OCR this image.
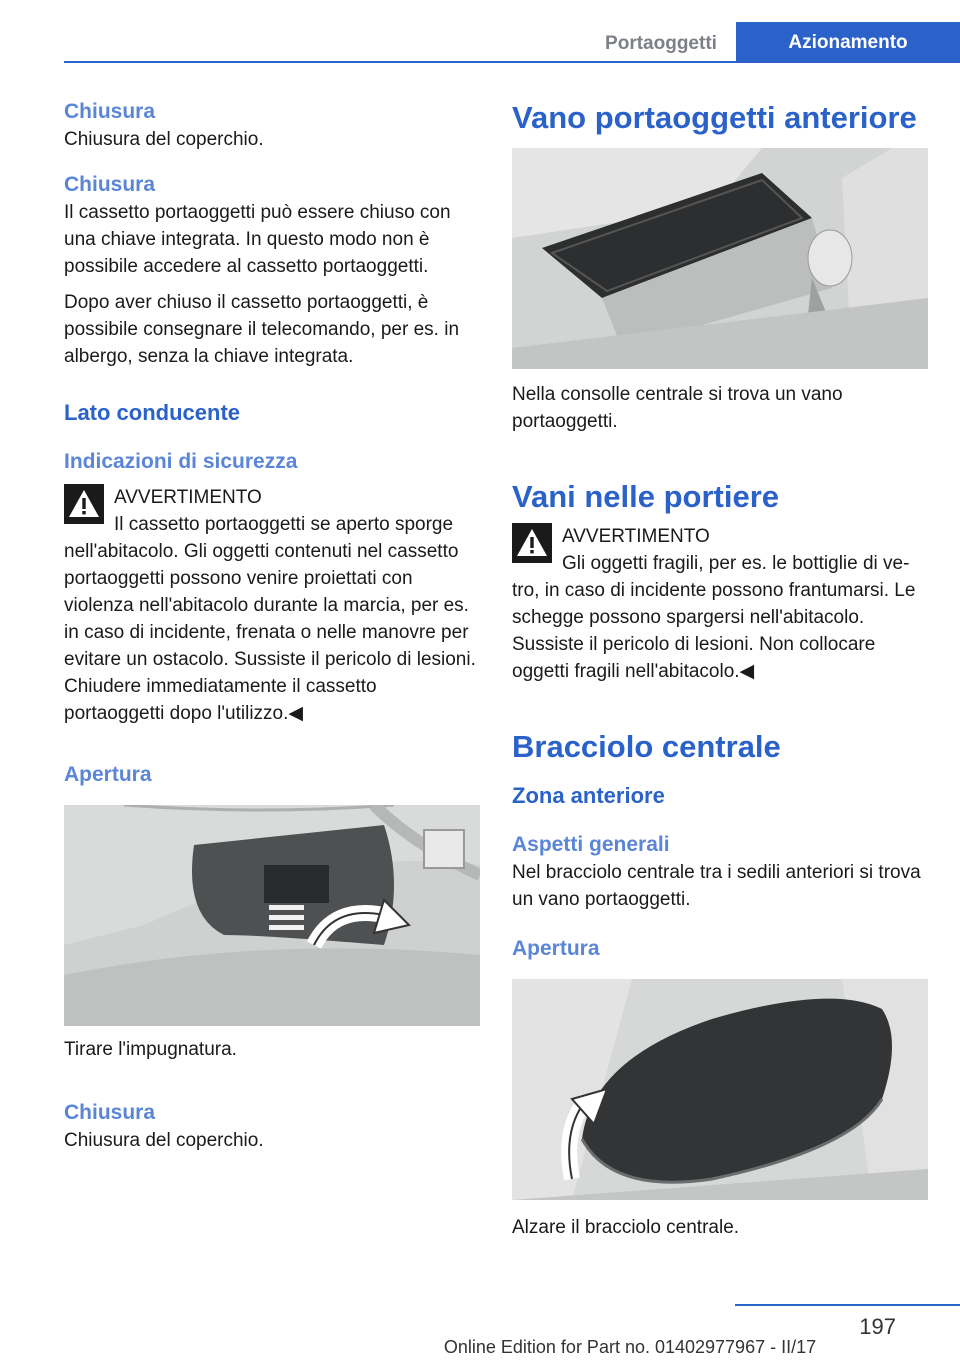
Portaoggetti	Azionamento
Chiusura

Chiusura del coperchio.

Chiusura

Il cassetto portaoggetti può essere chiuso con una chiave integrata. In questo modo non è possibile accedere al cassetto portaoggetti.

Dopo aver chiuso il cassetto portaoggetti, è possibile consegnare il telecomando, per es. in albergo, senza la chiave integrata.

Lato conducente
Indicazioni di sicurezza
AVVERTIMENTO
Il cassetto portaoggetti se aperto sporge
nell'abitacolo. Gli oggetti contenuti nel cassetto portaoggetti possono venire proiettati con violenza nell'abitacolo durante la marcia, per es. in caso di incidente, frenata o nelle manovre per evitare un ostacolo. Sussiste il pericolo di lesioni. Chiudere immediatamente il cassetto portaoggetti dopo l'utilizzo.◀
Apertura

Tirare l'impugnatura.

Chiusura

Chiusura del coperchio.

Vano portaoggetti anteriore

Nella consolle centrale si trova un vano portaoggetti.

Vani nelle portiere
AVVERTIMENTO
Gli oggetti fragili, per es. le bottiglie di ve-
tro, in caso di incidente possono frantumarsi. Le schegge possono spargersi nell'abitacolo. Sussiste il pericolo di lesioni. Non collocare oggetti fragili nell'abitacolo.◀
Bracciolo centrale
Zona anteriore
Aspetti generali

Nel bracciolo centrale tra i sedili anteriori si trova un vano portaoggetti.

Apertura

Alzare il bracciolo centrale.

197
Online Edition for Part no. 01402977967 - II/17
